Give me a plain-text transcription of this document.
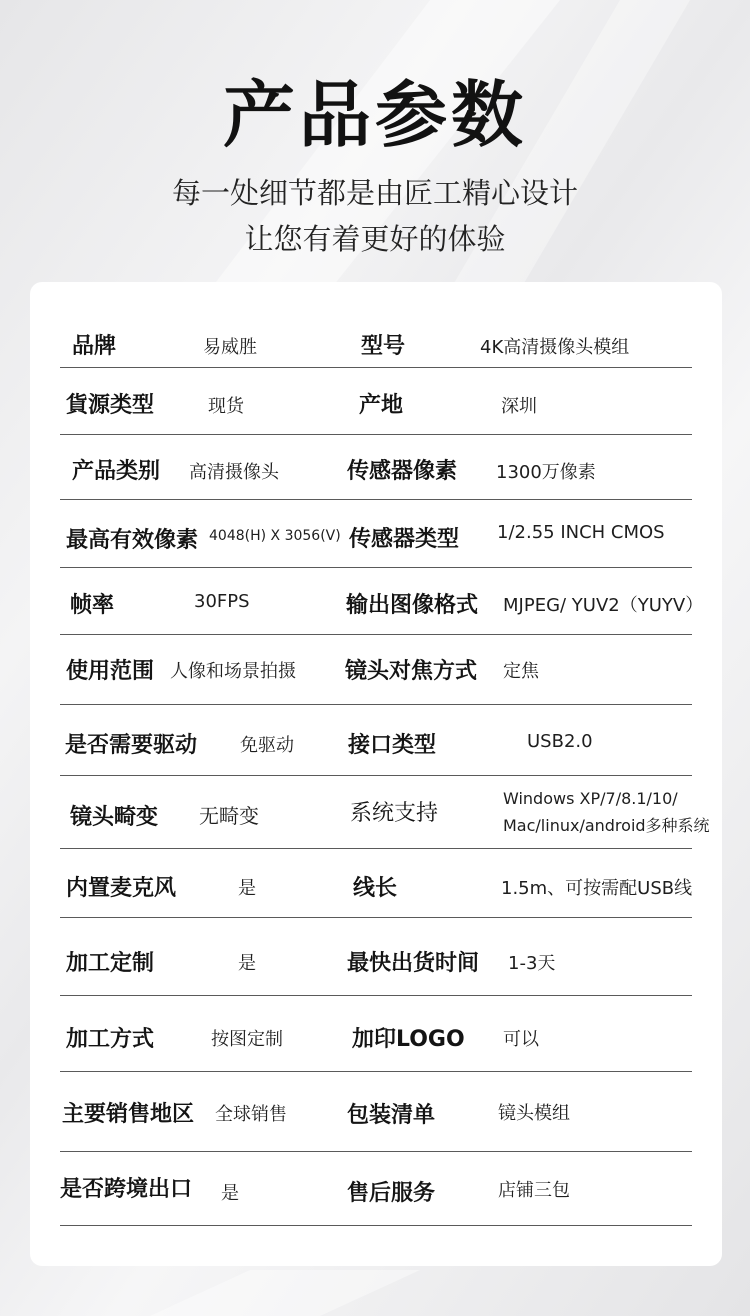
产品参数
每一处细节都是由匠工精心设计
让您有着更好的体验
品牌	易威胜	型号	4K高清摄像头模组
貨源类型	现货	产地	深圳
产品类别 高清摄像头	传感器像素 1300万像素
最高有效像素 4048(H) X 3056(V) 传感器类型 1/2.55 INCH CMOS
帧率	30FPS	输出图像格式 MJPEG/ YUV2（YUYV）
使用范围 人像和场景拍摄 镜头对焦方式 定焦
是否需要驱动 免驱动 接口类型	USB2.0
镜头畸变 无畸变	系统支持
Windows XP/7/8.1/10/
Mac/linux/android多种系统
内置麦克风	是	线长	1.5m、可按需配USB线
加工定制	是	最快出货时间 1-3天
加工方式	按图定制	加印LOGO 可以
主要销售地区 全球销售	包装清单	镜头模组
是否跨境出口 是	售后服务	店铺三包
